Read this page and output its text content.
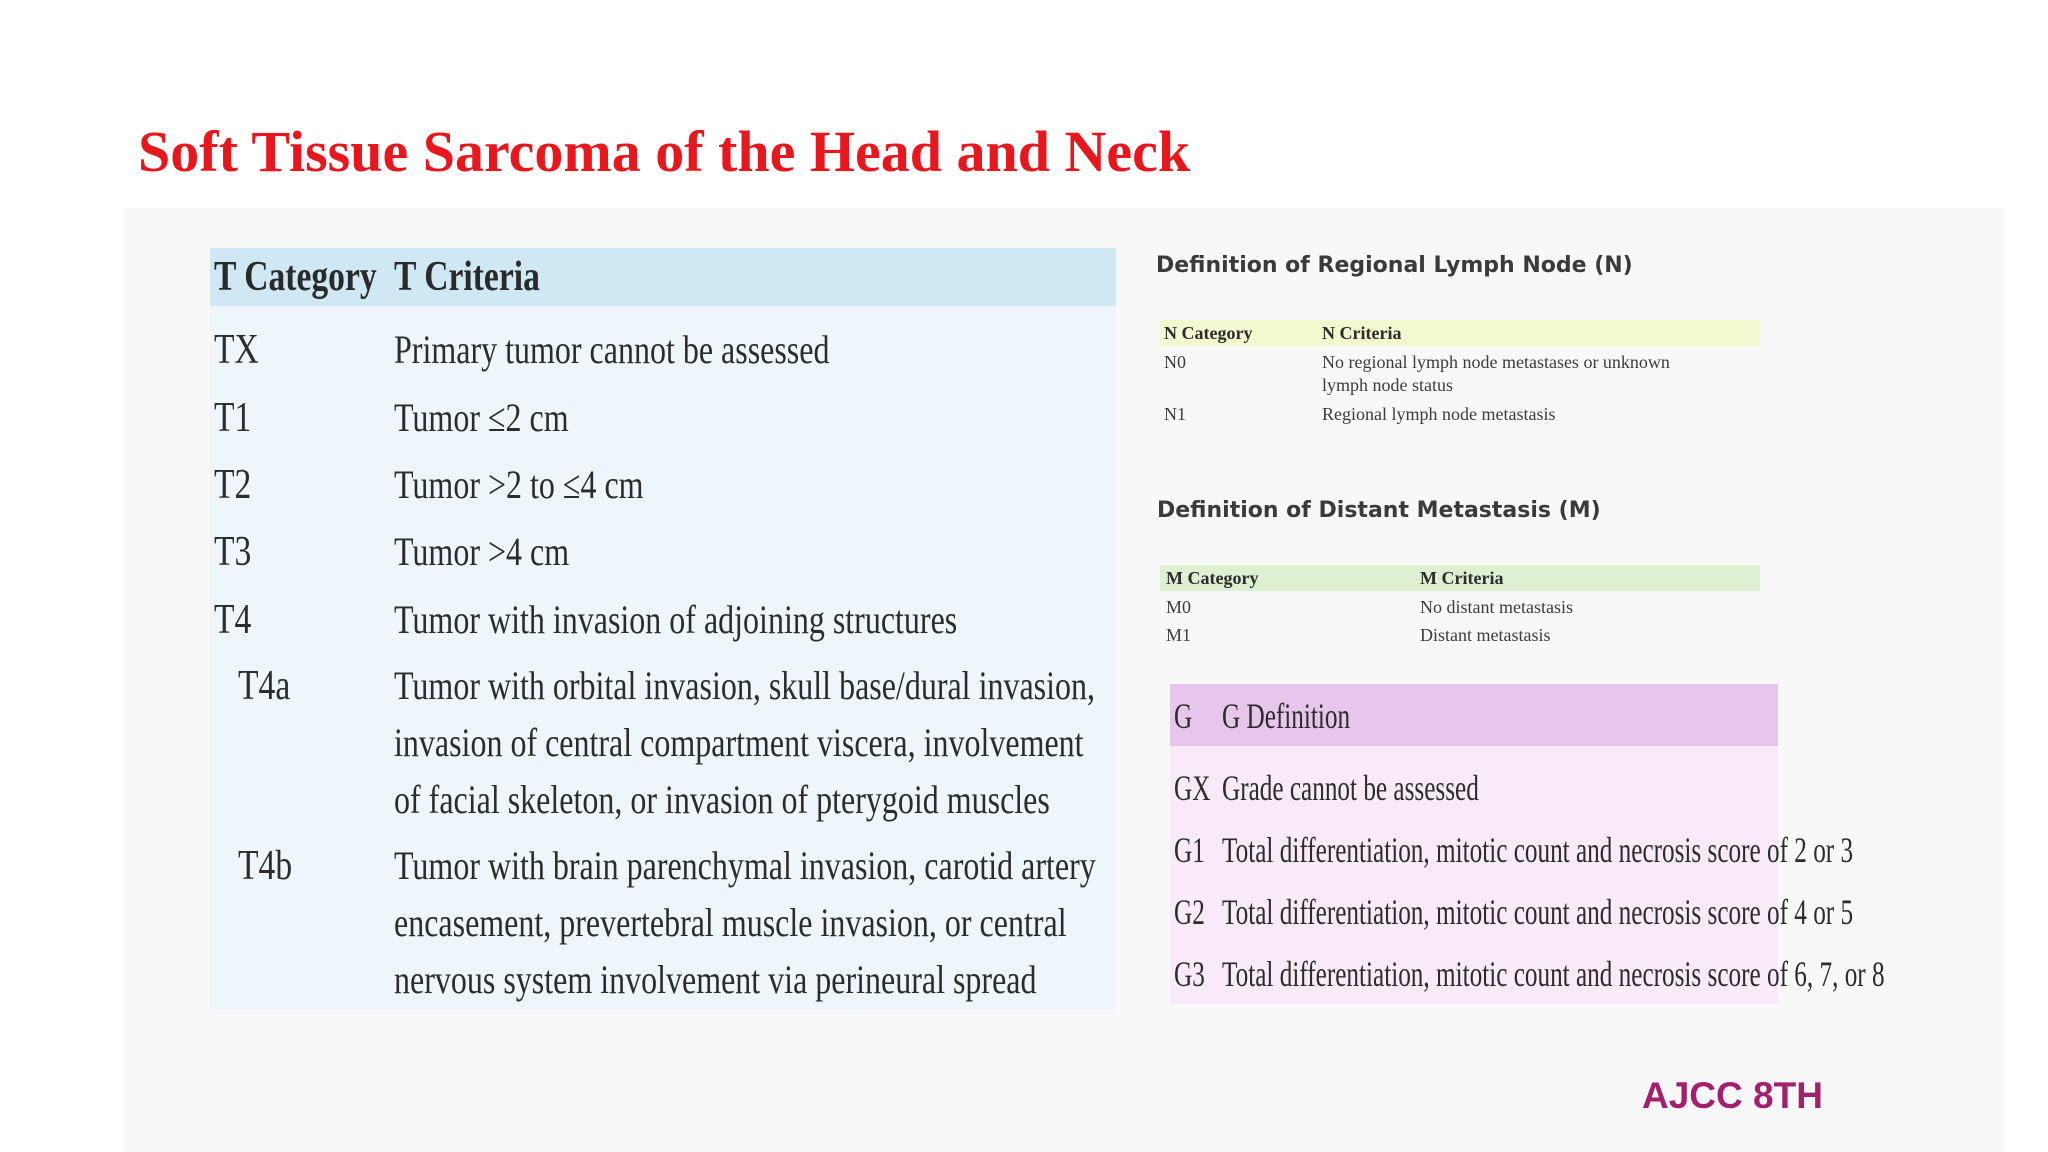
Soft Tissue Sarcoma of the Head and Neck
T Category T Criteria
TX	Primary tumor cannot be assessed
T1	Tumor ≤2 cm
T2	Tumor >2 to ≤4 cm
T3	Tumor >4 cm
T4	Tumor with invasion of adjoining structures
T4a	Tumor with orbital invasion, skull base/dural invasion,
invasion of central compartment viscera, involvement
of facial skeleton, or invasion of pterygoid muscles
T4b	Tumor with brain parenchymal invasion, carotid artery
encasement, prevertebral muscle invasion, or central
nervous system involvement via perineural spread
Definition of Regional Lymph Node (N)
N Category	N Criteria
N0	No regional lymph node metastases or unknown
lymph node status
N1	Regional lymph node metastasis
Definition of Distant Metastasis (M)
M Category	M Criteria
M0	No distant metastasis
M1	Distant metastasis
G G Definition
GX Grade cannot be assessed
G1 Total differentiation, mitotic count and necrosis score of 2 or 3
G2 Total differentiation, mitotic count and necrosis score of 4 or 5
G3 Total differentiation, mitotic count and necrosis score of 6, 7, or 8

AJCC 8TH
